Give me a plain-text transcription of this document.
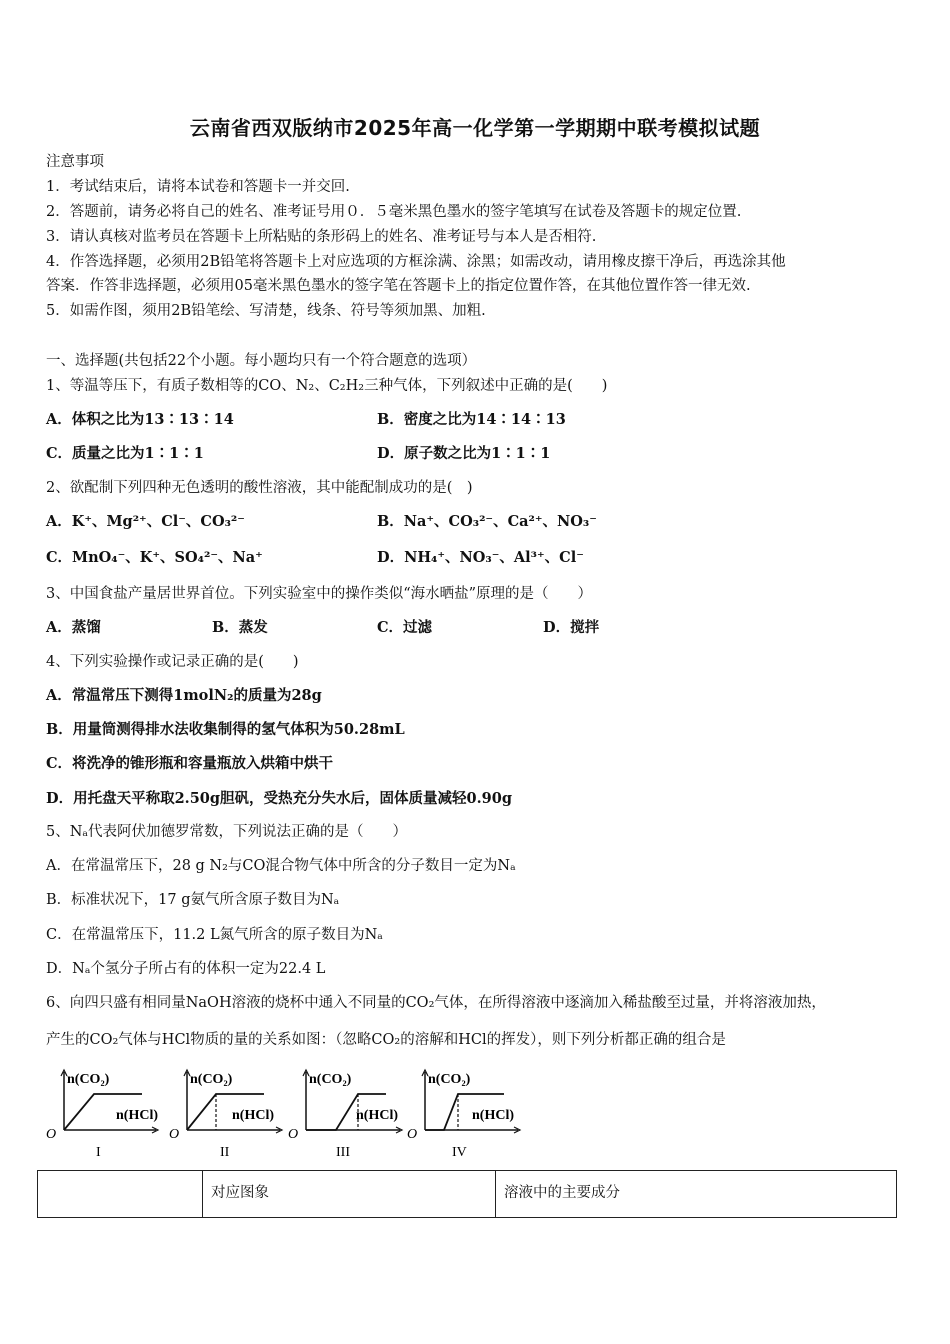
云南省西双版纳市2025年高一化学第一学期期中联考模拟试题
注意事项
1．考试结束后，请将本试卷和答题卡一并交回.
2．答题前，请务必将自己的姓名、准考证号用０．５毫米黑色墨水的签字笔填写在试卷及答题卡的规定位置.
3．请认真核对监考员在答题卡上所粘贴的条形码上的姓名、准考证号与本人是否相符.
4．作答选择题，必须用2B铅笔将答题卡上对应选项的方框涂满、涂黑；如需改动，请用橡皮擦干净后，再选涂其他
答案．作答非选择题，必须用05毫米黑色墨水的签字笔在答题卡上的指定位置作答，在其他位置作答一律无效.
5．如需作图，须用2B铅笔绘、写清楚，线条、符号等须加黑、加粗.
一、选择题(共包括22个小题。每小题均只有一个符合题意的选项）
1、等温等压下，有质子数相等的CO、N₂、C₂H₂三种气体，下列叙述中正确的是(　　)
A．体积之比为13∶13∶14	B．密度之比为14∶14∶13
C．质量之比为1∶1∶1	D．原子数之比为1∶1∶1
2、欲配制下列四种无色透明的酸性溶液，其中能配制成功的是(　)
A．K⁺、Mg²⁺、Cl⁻、CO₃²⁻	B．Na⁺、CO₃²⁻、Ca²⁺、NO₃⁻
C．MnO₄⁻、K⁺、SO₄²⁻、Na⁺	D．NH₄⁺、NO₃⁻、Al³⁺、Cl⁻
3、中国食盐产量居世界首位。下列实验室中的操作类似“海水晒盐”原理的是（　　）
A．蒸馏	B．蒸发	C．过滤	D．搅拌
4、下列实验操作或记录正确的是(　　)
A．常温常压下测得1molN₂的质量为28g
B．用量筒测得排水法收集制得的氢气体积为50.28mL
C．将洗净的锥形瓶和容量瓶放入烘箱中烘干
D．用托盘天平称取2.50g胆矾，受热充分失水后，固体质量减轻0.90g
5、Nₐ代表阿伏加德罗常数，下列说法正确的是（　　）
A．在常温常压下，28 g N₂与CO混合物气体中所含的分子数目一定为Nₐ
B．标准状况下，17 g氨气所含原子数目为Nₐ
C．在常温常压下，11.2 L氮气所含的原子数目为Nₐ
D．Nₐ个氢分子所占有的体积一定为22.4 L
6、向四只盛有相同量NaOH溶液的烧杯中通入不同量的CO₂气体，在所得溶液中逐滴加入稀盐酸至过量，并将溶液加热，
产生的CO₂气体与HCl物质的量的关系如图：（忽略CO₂的溶解和HCl的挥发），则下列分析都正确的组合是
n(CO₂)
n(HCl)
O
I
n(CO₂)
n(HCl)
O
II
n(CO₂)
n(HCl)
O
III
n(CO₂)
n(HCl)
O
IV
	对应图象	溶液中的主要成分
